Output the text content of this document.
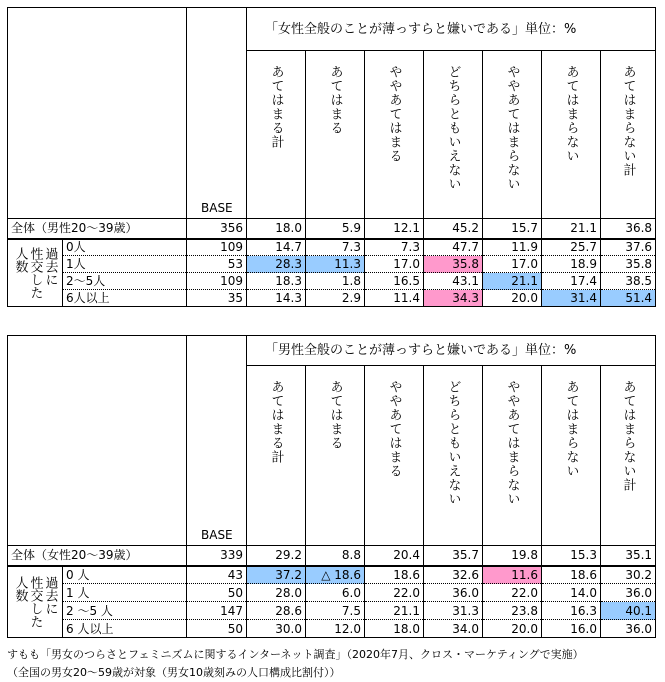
		BASE	「女性全般のことが薄っすらと嫌いである」単位：%						
			あてはまる計	あてはまる	ややあてはまる	どちらともいえない	ややあてはまらない	あてはまらない	あてはまらない計
全体（男性20～39歳）		356	18.0	5.9	12.1	45.2	15.7	21.1	36.8

過去に
性交した
人数	0人	109	14.7	7.3	7.3	47.7	11.9	25.7	37.6
	1人	53	28.3	11.3	17.0	35.8	17.0	18.9	35.8
	2～5人	109	18.3	1.8	16.5	43.1	21.1	17.4	38.5
	6人以上	35	14.3	2.9	11.4	34.3	20.0	31.4	51.4
		BASE	「男性全般のことが薄っすらと嫌いである」単位：%						
			あてはまる計	あてはまる	ややあてはまる	どちらともいえない	ややあてはまらない	あてはまらない	あてはまらない計
全体（女性20～39歳）		339	29.2	8.8	20.4	35.7	19.8	15.3	35.1

過去に
性交した
人数	0 人	43	37.2	△ 18.6	18.6	32.6	11.6	18.6	30.2
	1 人	50	28.0	6.0	22.0	36.0	22.0	14.0	36.0
	2 ～5 人	147	28.6	7.5	21.1	31.3	23.8	16.3	40.1
	6 人以上	50	30.0	12.0	18.0	34.0	20.0	16.0	36.0
すもも「男女のつらさとフェミニズムに関するインターネット調査」（2020年7月、クロス・マーケティングで実施）
（全国の男女20～59歳が対象（男女10歳刻みの人口構成比割付））
